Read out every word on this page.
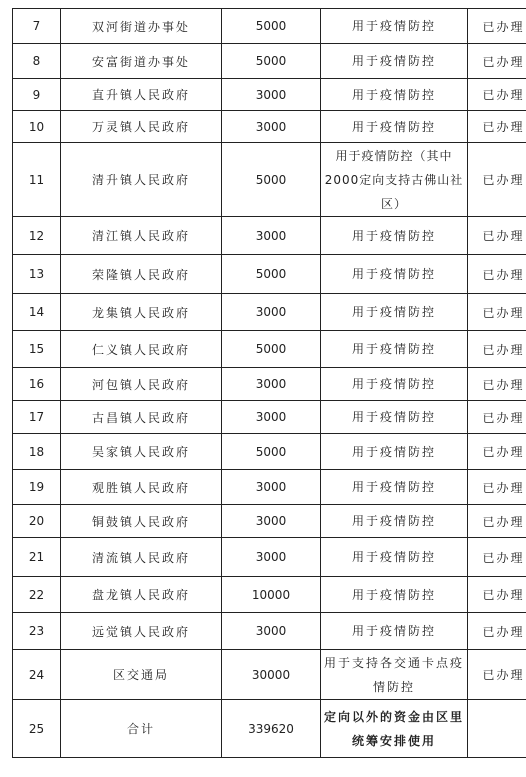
7	双河街道办事处	5000	用于疫情防控	已办理
8	安富街道办事处	5000	用于疫情防控	已办理
9	直升镇人民政府	3000	用于疫情防控	已办理
10	万灵镇人民政府	3000	用于疫情防控	已办理
11	清升镇人民政府	5000	用于疫情防控（其中2000定向支持古佛山社区）	已办理
12	清江镇人民政府	3000	用于疫情防控	已办理
13	荣隆镇人民政府	5000	用于疫情防控	已办理
14	龙集镇人民政府	3000	用于疫情防控	已办理
15	仁义镇人民政府	5000	用于疫情防控	已办理
16	河包镇人民政府	3000	用于疫情防控	已办理
17	古昌镇人民政府	3000	用于疫情防控	已办理
18	吴家镇人民政府	5000	用于疫情防控	已办理
19	观胜镇人民政府	3000	用于疫情防控	已办理
20	铜鼓镇人民政府	3000	用于疫情防控	已办理
21	清流镇人民政府	3000	用于疫情防控	已办理
22	盘龙镇人民政府	10000	用于疫情防控	已办理
23	远觉镇人民政府	3000	用于疫情防控	已办理
24	区交通局	30000	用于支持各交通卡点疫情防控	已办理
25	合计	339620	定向以外的资金由区里统筹安排使用	
